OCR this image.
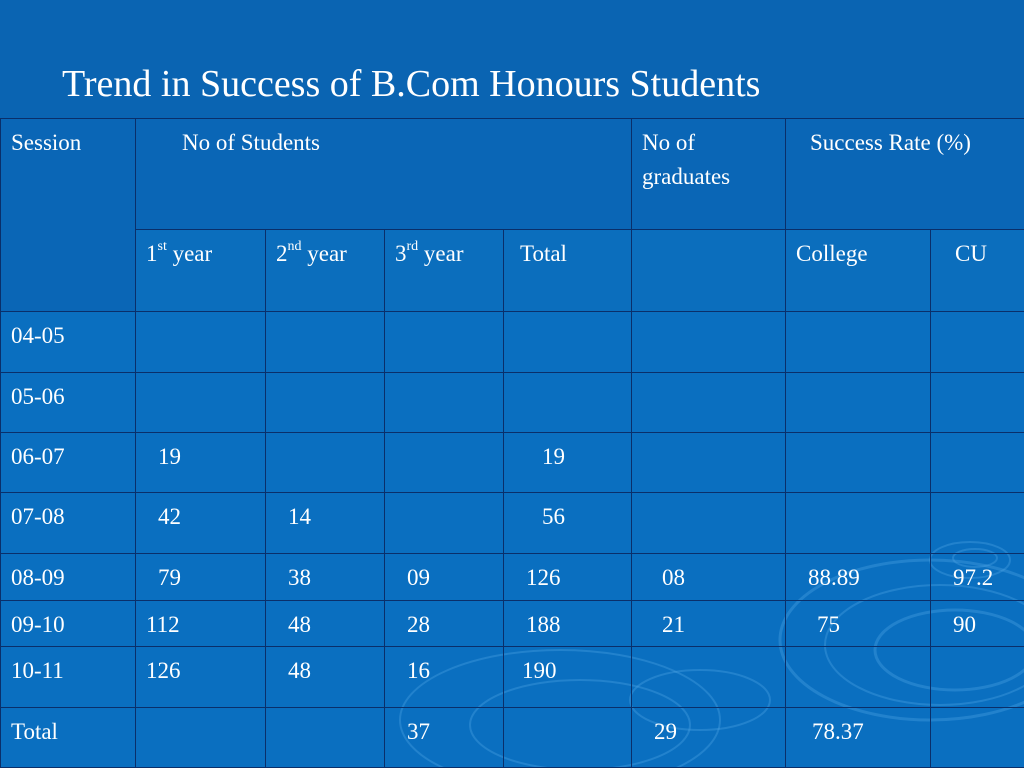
Trend in Success of B.Com Honours Students
Session	No of Students				No of graduates	Success Rate (%)	
	1st year	2nd year	3rd year	Total		College	CU
04-05							
05-06							
06-07	19			19			
07-08	42	14		56			
08-09	79	38	09	126	08	88.89	97.2
09-10	112	48	28	188	21	75	90
10-11	126	48	16	190			
Total			37		29	78.37	
